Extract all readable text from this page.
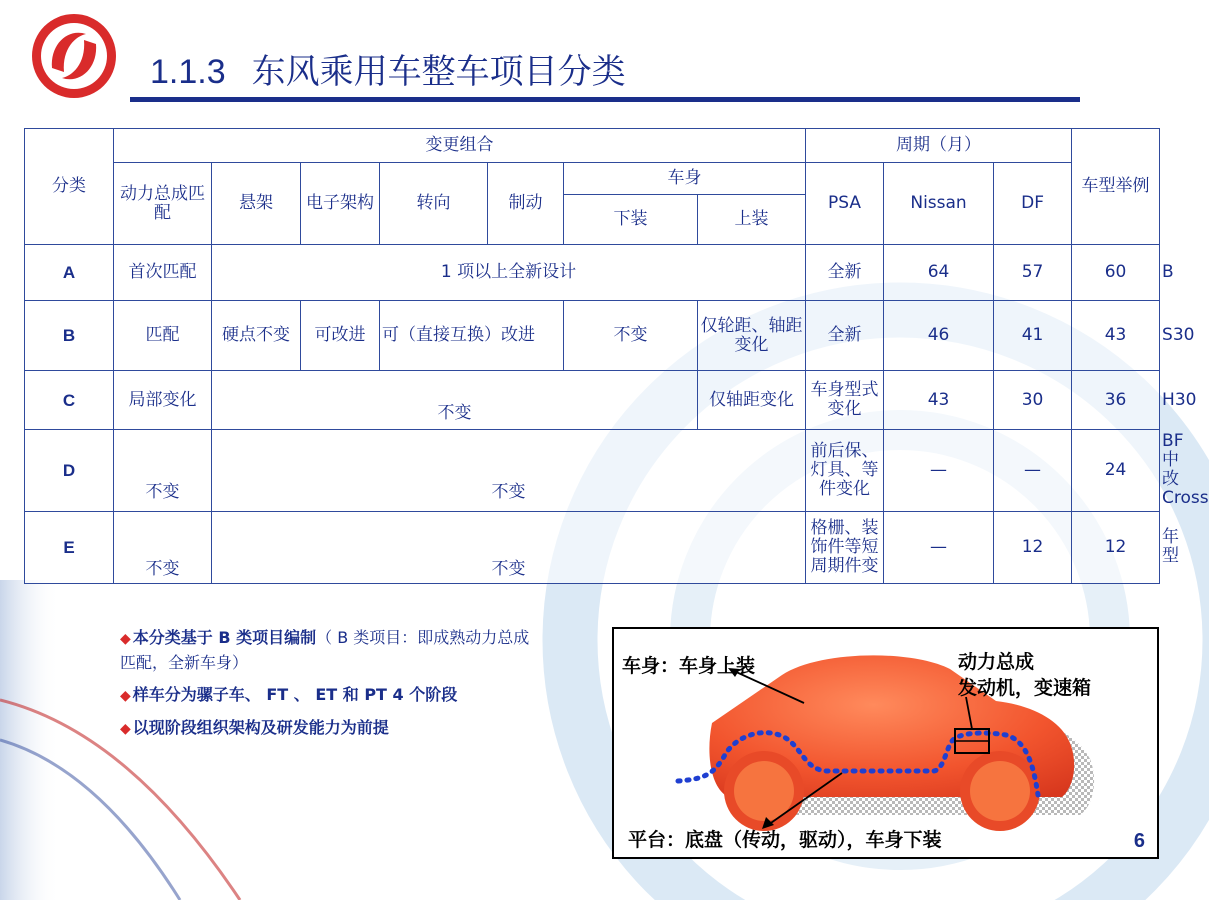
1.1.3 东风乘用车整车项目分类
分类	变更组合							周期（月）			车型举例	
	动力总成匹配	悬架	电子架构	转向	制动	车身		PSA	Nissan	DF		
						下装	上装					
A	首次匹配	1 项以上全新设计						全新	64	57	60	B
B	匹配	硬点不变	可改进	可（直接互换）改进		不变	仅轮距、轴距变化	全新	46	41	43	S30
C	局部变化	不变					仅轴距变化	车身型式变化	43	30	36	H30
D	不变	不变						前后保、灯具、等件变化	—	—	24	BF 中改 Cross
E	不变	不变						格栅、装饰件等短周期件变	—	12	12	年型
◆ 本分类基于 B 类项目编制（ B 类项目：即成熟动力总成匹配，全新车身）
◆ 样车分为骡子车、 FT 、 ET 和 PT 4 个阶段
◆ 以现阶段组织架构及研发能力为前提
车身：车身上装	动力总成
发动机，变速箱
平台：底盘（传动，驱动），车身下装	6
